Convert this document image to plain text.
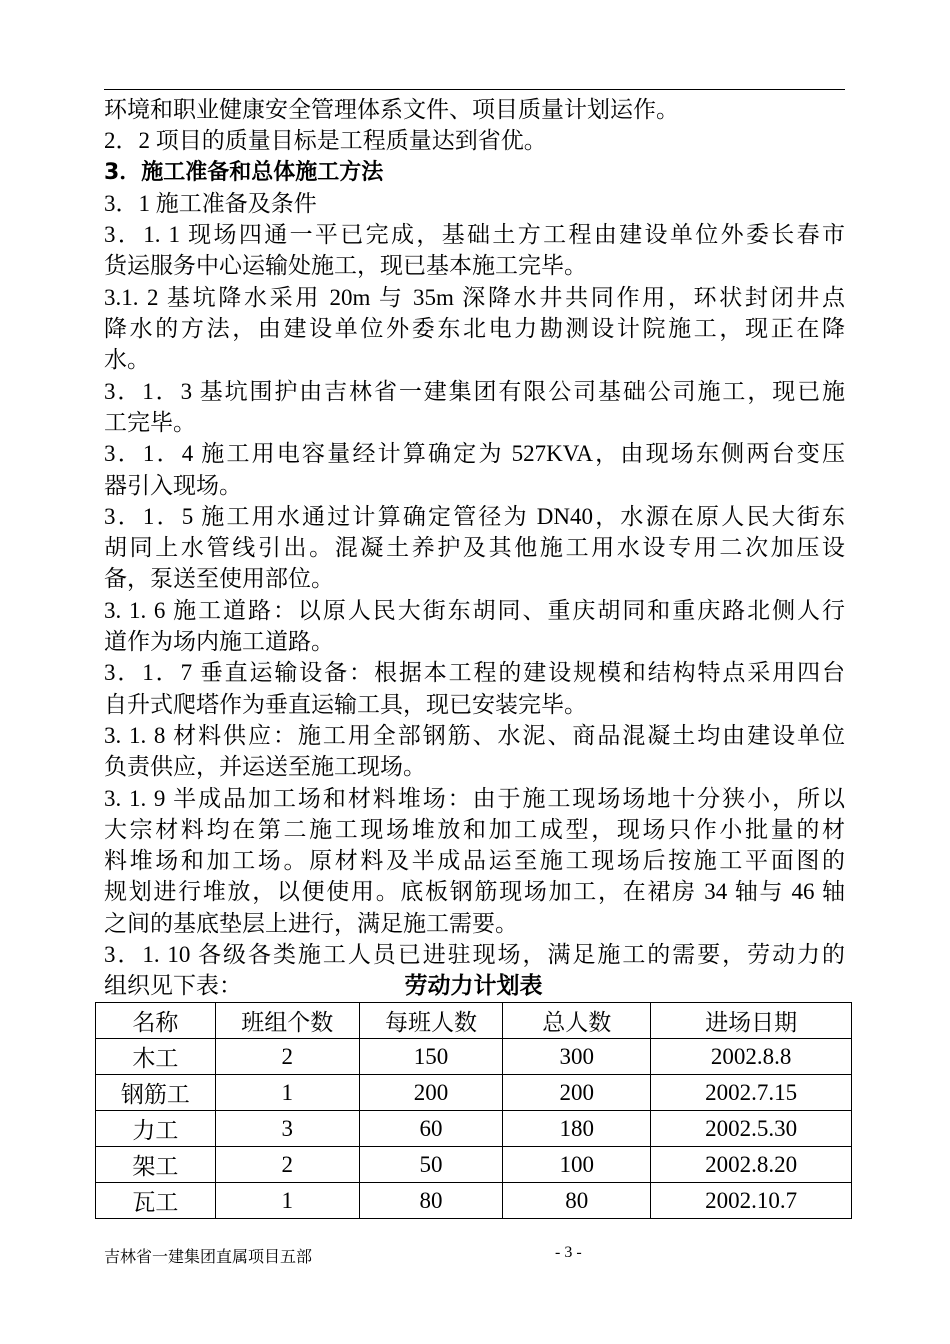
环境和职业健康安全管理体系文件、项目质量计划运作。
2．2 项目的质量目标是工程质量达到省优。
3．施工准备和总体施工方法
3．1 施工准备及条件
3．1. 1 现场四通一平已完成，基础土方工程由建设单位外委长春市
货运服务中心运输处施工，现已基本施工完毕。
3.1. 2 基坑降水采用 20m 与 35m 深降水井共同作用，环状封闭井点
降水的方法，由建设单位外委东北电力勘测设计院施工，现正在降
水。
3．1．3 基坑围护由吉林省一建集团有限公司基础公司施工，现已施
工完毕。
3．1．4 施工用电容量经计算确定为 527KVA，由现场东侧两台变压
器引入现场。
3．1．5 施工用水通过计算确定管径为 DN40，水源在原人民大街东
胡同上水管线引出。混凝土养护及其他施工用水设专用二次加压设
备，泵送至使用部位。
3. 1. 6 施工道路：以原人民大街东胡同、重庆胡同和重庆路北侧人行
道作为场内施工道路。
3．1．7 垂直运输设备：根据本工程的建设规模和结构特点采用四台
自升式爬塔作为垂直运输工具，现已安装完毕。
3. 1. 8 材料供应：施工用全部钢筋、水泥、商品混凝土均由建设单位
负责供应，并运送至施工现场。
3. 1. 9 半成品加工场和材料堆场：由于施工现场场地十分狭小，所以
大宗材料均在第二施工现场堆放和加工成型，现场只作小批量的材
料堆场和加工场。原材料及半成品运至施工现场后按施工平面图的
规划进行堆放，以便使用。底板钢筋现场加工，在裙房 34 轴与 46 轴
之间的基底垫层上进行，满足施工需要。
3．1. 10 各级各类施工人员已进驻现场，满足施工的需要，劳动力的
组织见下表：	劳动力计划表
名称	班组个数	每班人数	总人数	进场日期
木工	2	150	300	2002.8.8
钢筋工	1	200	200	2002.7.15
力工	3	60	180	2002.5.30
架工	2	50	100	2002.8.20
瓦工	1	80	80	2002.10.7
吉林省一建集团直属项目五部	- 3 -
